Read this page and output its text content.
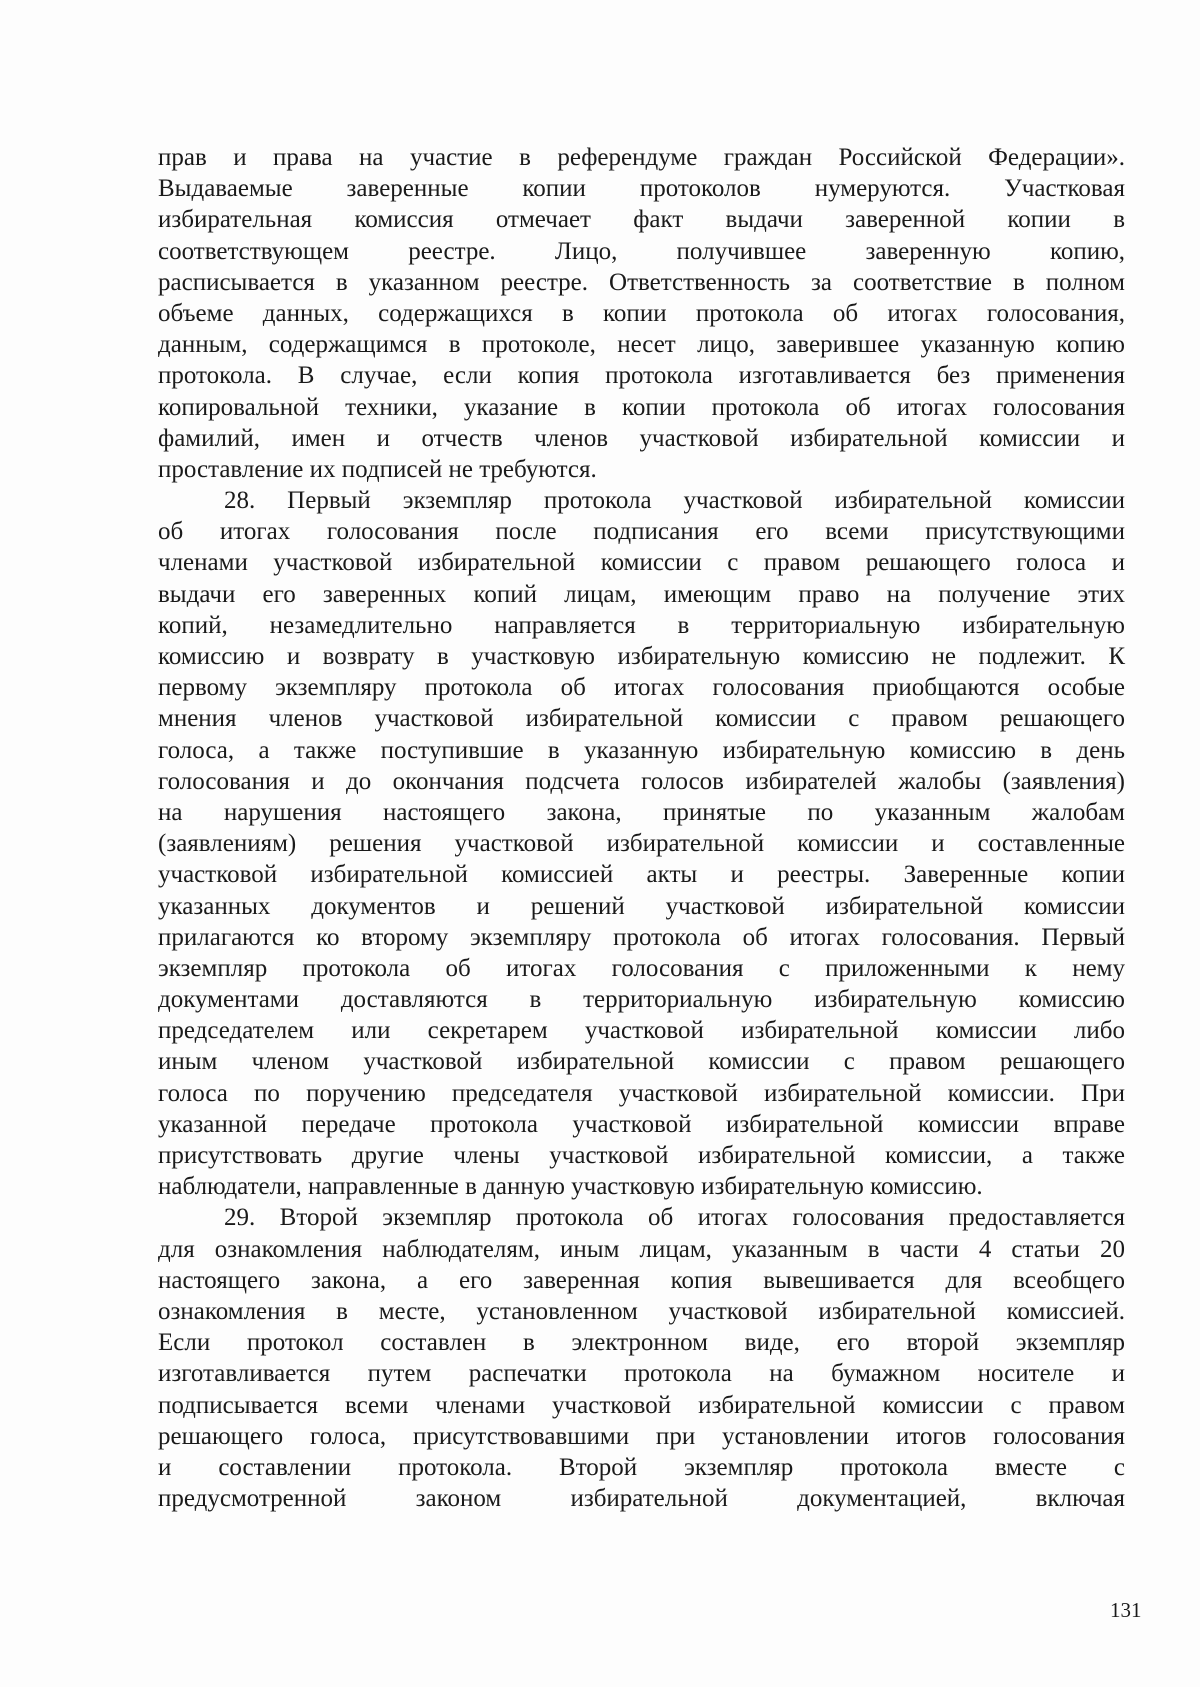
прав и права на участие в референдуме граждан Российской Федерации».
Выдаваемые заверенные копии протоколов нумеруются. Участковая
избирательная комиссия отмечает факт выдачи заверенной копии в
соответствующем реестре. Лицо, получившее заверенную копию,
расписывается в указанном реестре. Ответственность за соответствие в полном
объеме данных, содержащихся в копии протокола об итогах голосования,
данным, содержащимся в протоколе, несет лицо, заверившее указанную копию
протокола. В случае, если копия протокола изготавливается без применения
копировальной техники, указание в копии протокола об итогах голосования
фамилий, имен и отчеств членов участковой избирательной комиссии и
проставление их подписей не требуются.
28. Первый экземпляр протокола участковой избирательной комиссии
об итогах голосования после подписания его всеми присутствующими
членами участковой избирательной комиссии с правом решающего голоса и
выдачи его заверенных копий лицам, имеющим право на получение этих
копий, незамедлительно направляется в территориальную избирательную
комиссию и возврату в участковую избирательную комиссию не подлежит. К
первому экземпляру протокола об итогах голосования приобщаются особые
мнения членов участковой избирательной комиссии с правом решающего
голоса, а также поступившие в указанную избирательную комиссию в день
голосования и до окончания подсчета голосов избирателей жалобы (заявления)
на нарушения настоящего закона, принятые по указанным жалобам
(заявлениям) решения участковой избирательной комиссии и составленные
участковой избирательной комиссией акты и реестры. Заверенные копии
указанных документов и решений участковой избирательной комиссии
прилагаются ко второму экземпляру протокола об итогах голосования. Первый
экземпляр протокола об итогах голосования с приложенными к нему
документами доставляются в территориальную избирательную комиссию
председателем или секретарем участковой избирательной комиссии либо
иным членом участковой избирательной комиссии с правом решающего
голоса по поручению председателя участковой избирательной комиссии. При
указанной передаче протокола участковой избирательной комиссии вправе
присутствовать другие члены участковой избирательной комиссии, а также
наблюдатели, направленные в данную участковую избирательную комиссию.
29. Второй экземпляр протокола об итогах голосования предоставляется
для ознакомления наблюдателям, иным лицам, указанным в части 4 статьи 20
настоящего закона, а его заверенная копия вывешивается для всеобщего
ознакомления в месте, установленном участковой избирательной комиссией.
Если протокол составлен в электронном виде, его второй экземпляр
изготавливается путем распечатки протокола на бумажном носителе и
подписывается всеми членами участковой избирательной комиссии с правом
решающего голоса, присутствовавшими при установлении итогов голосования
и составлении протокола. Второй экземпляр протокола вместе с
предусмотренной законом избирательной документацией, включая
131
